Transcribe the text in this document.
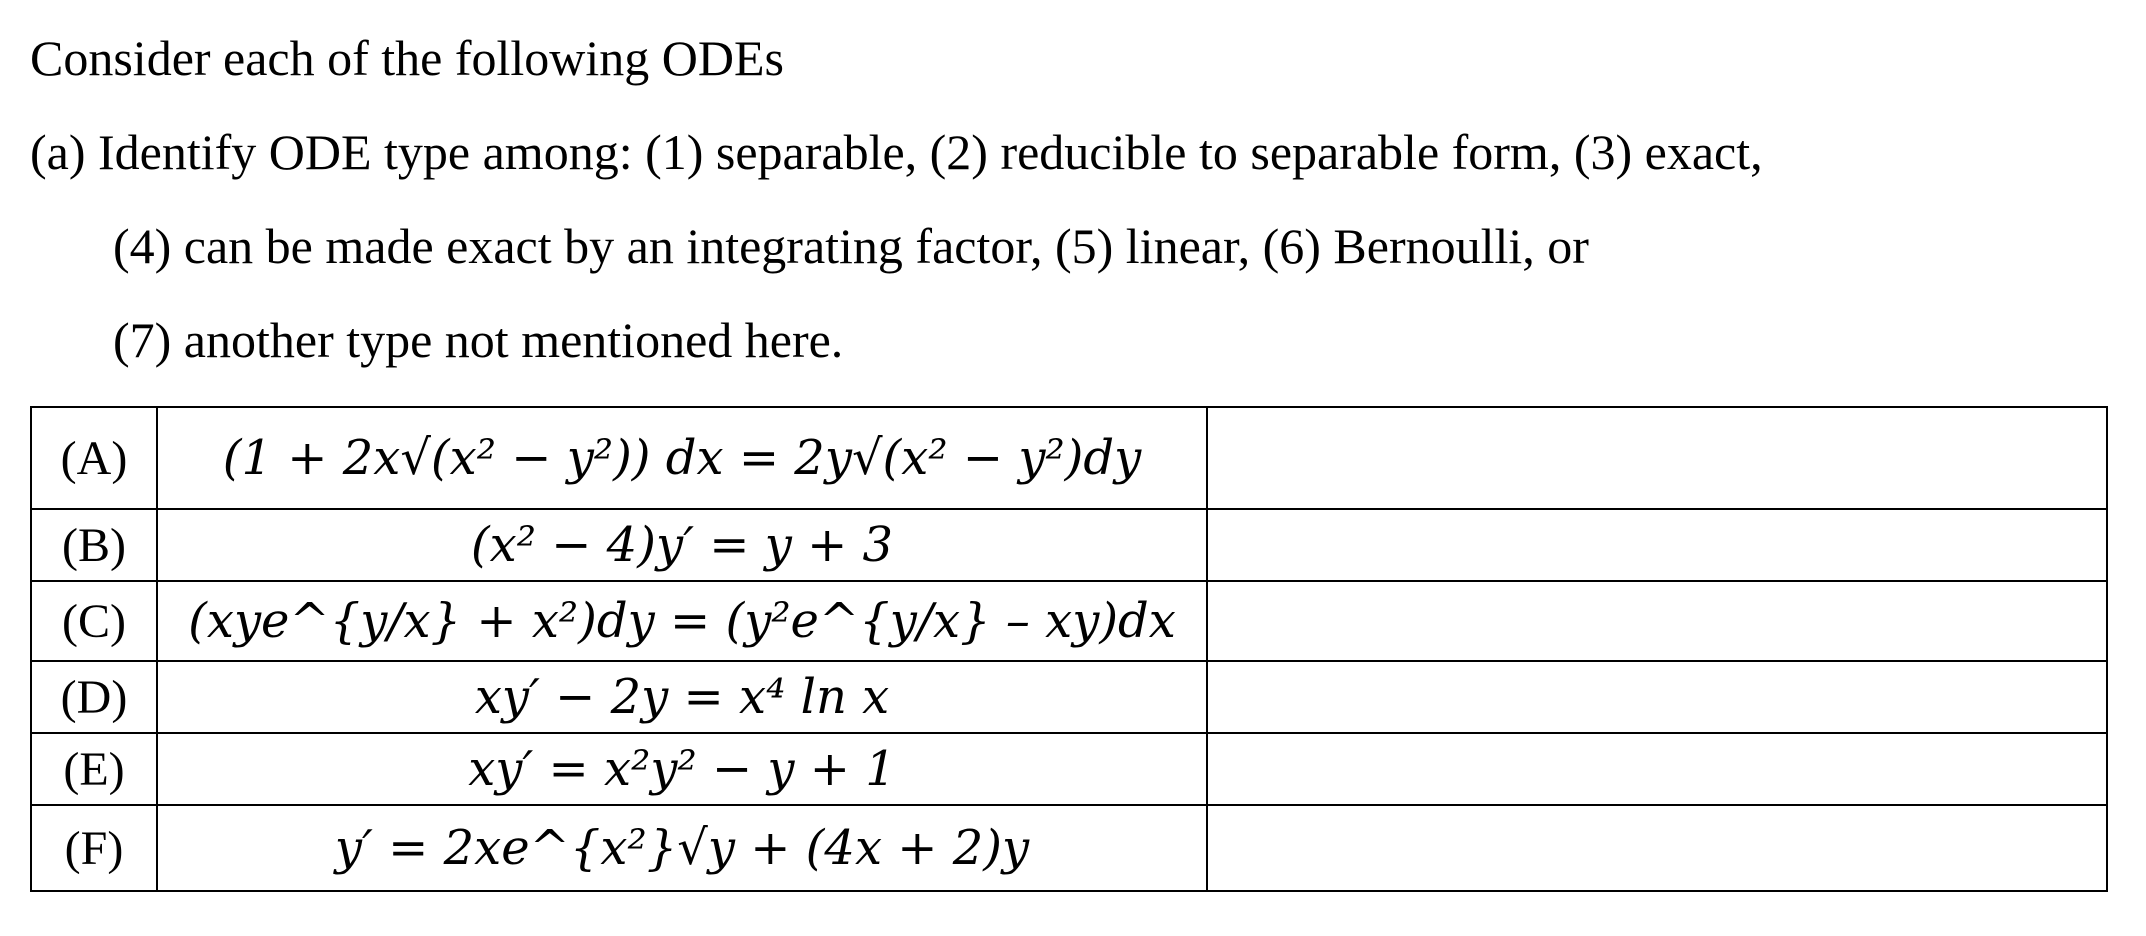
Consider each of the following ODEs
(a) Identify ODE type among: (1) separable, (2) reducible to separable form, (3) exact,
(4) can be made exact by an integrating factor, (5) linear, (6) Bernoulli, or
(7) another type not mentioned here.
(A)	(1 + 2x√(x² − y²)) dx = 2y√(x² − y²)dy	
(B)	(x² − 4)y′ = y + 3	
(C)	(xye^{y/x} + x²)dy = (y²e^{y/x} – xy)dx	
(D)	xy′ − 2y = x⁴ ln x	
(E)	xy′ = x²y² − y + 1	
(F)	y′ = 2xe^{x²}√y + (4x + 2)y	
